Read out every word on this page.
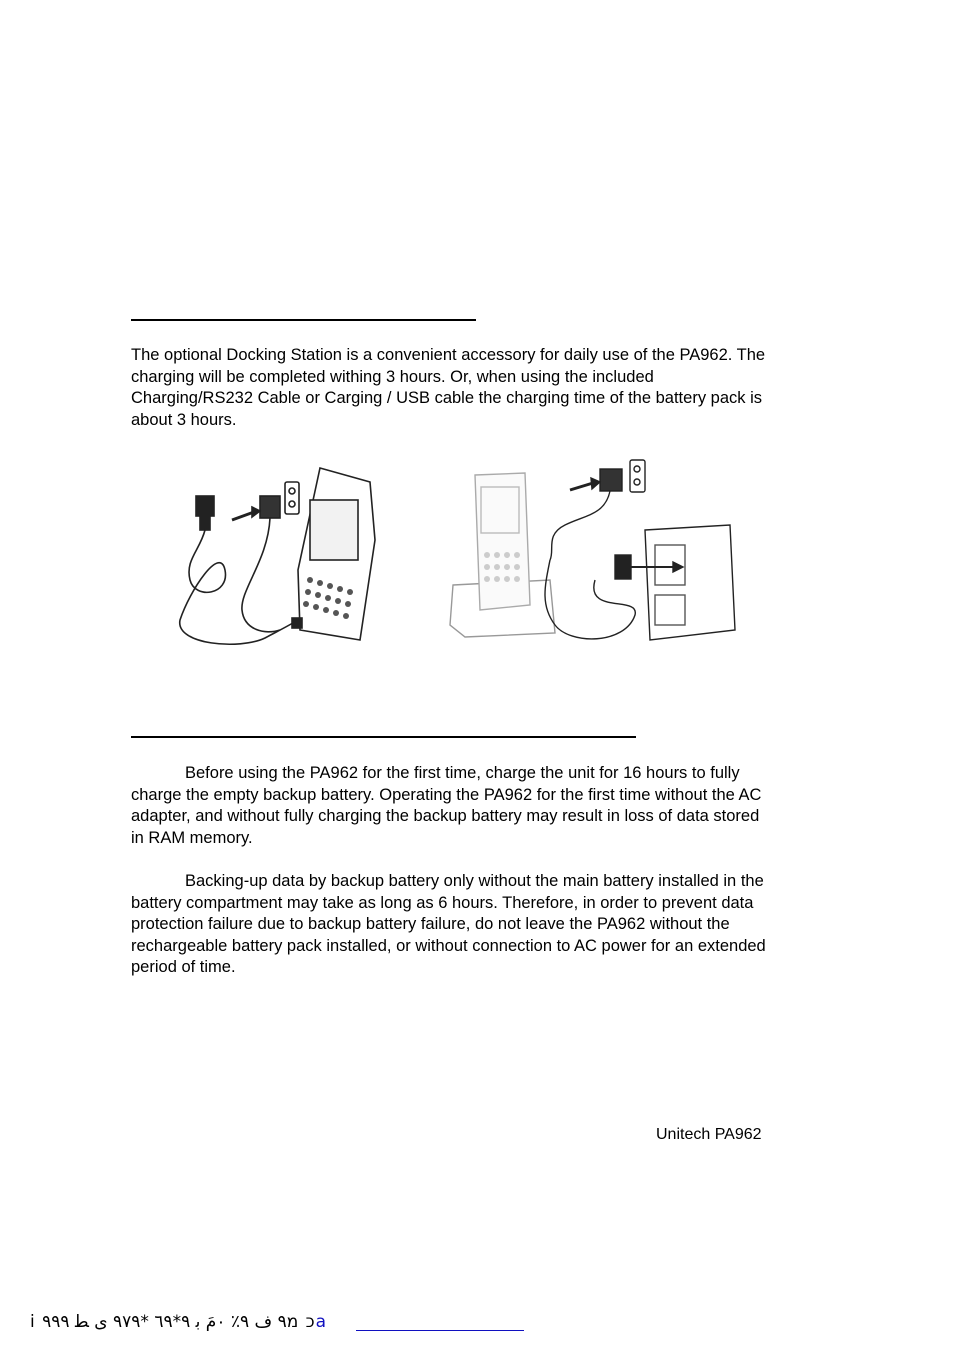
The optional Docking Station is a convenient accessory for daily use of the PA962. The charging will be completed withing 3 hours. Or, when using the included Charging/RS232 Cable or Carging / USB cable the charging time of the battery pack is about 3 hours.

Before using the PA962 for the first time, charge the unit for 16 hours to fully charge the empty backup battery. Operating the PA962 for the first time without the AC adapter, and without fully charging the backup battery may result in loss of data stored in RAM memory.

Backing-up data by backup battery only without the main battery installed in the battery compartment may take as long as 6 hours. Therefore, in order to prevent data protection failure due to backup battery failure, do not leave the PA962 without the rechargeable battery pack installed, or without connection to AC power for an extended period of time.

Unitech PA962
i כ מ٩ ف ٩٪ ٠مَ ﺑ ٩*٦٩ *٩٧٩ ى ﻄ ٩٩٩a
